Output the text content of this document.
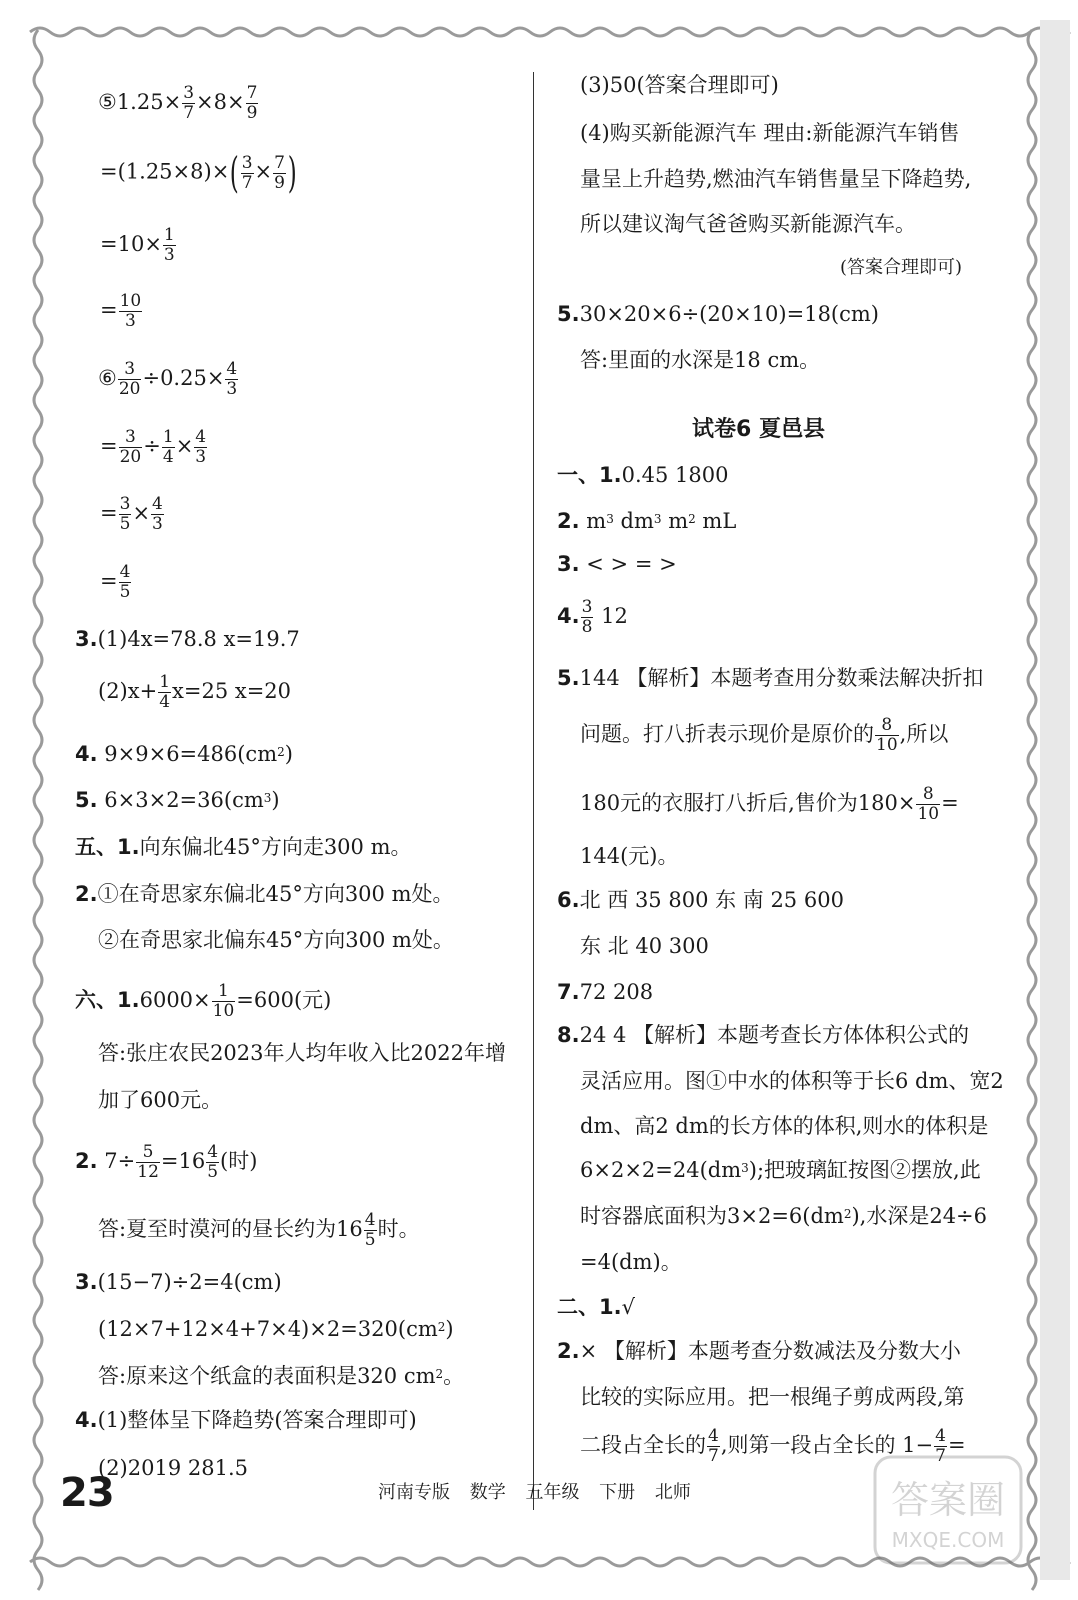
⑤1.25× $\frac{3}{7} \times 8\times \frac{7}{9}$
$=(1.25\times 8)\times( \frac{3}{7} \times \frac{7}{9}$ )
$=10\times \frac{1}{3}$
= $\frac{10}{3}$
⑥ $\frac{3}{20} \div 0.25\times \frac{4}{3}$
= $\frac{3}{20} \div \frac{1}{4} \times \frac{4}{3}$
= $\frac{3}{5} \times \frac{4}{3}$
= $\frac{4}{5}$
3.(1)4x=78.8 x=19.7
$(2)x+ \frac{1}{4} x=25$ x=20
4. $9\times 9\times 6=486(cm^2)$
5. $6\times 3\times 2=36(cm^3)$
五、1.向东偏北45°方向走300 m。
2.①在奇思家东偏北45°方向300 m处。
②在奇思家北偏东45°方向300 m处。
六、$1.6000\times \frac{1}{10} =600$(元)
答:张庄农民2023年人均年收入比2022年增
加了600元。
2. $7\div \frac{5}{12} =16 \frac{4}{5}$ (时)
答:夏至时漠河的昼长约为$16 \frac{4}{5}$ 时。
3.(15−7)÷2=4(cm)
$(12\times 7+12\times 4+7\times 4)\times 2=320(cm^2)$
答:原来这个纸盒的表面积是320 $cm^2$。
4.(1)整体呈下降趋势(答案合理即可)
(2)2019 281.5
(3)50(答案合理即可)
(4)购买新能源汽车 理由:新能源汽车销售
量呈上升趋势,燃油汽车销售量呈下降趋势,
所以建议淘气爸爸购买新能源汽车。
(答案合理即可)
5.30×20×6÷(20×10)=18(cm)
答:里面的水深是18 cm。
试卷6 夏邑县
一、1.0.45 1800
2. $m^3$ $dm^3$ $m^2$ mL
3. < > = >
4. $\frac{3}{8} 12$
5.144 【解析】本题考查用分数乘法解决折扣
问题。打八折表示现价是原价的 $\frac{8}{10}$ ,所以
180元的衣服打八折后,售价为$180\times \frac{8}{10}$ =
144(元)。
6.北 西 35 800 东 南 25 600
东 北 40 300
7.72 208
8.24 4 【解析】本题考查长方体体积公式的
灵活应用。图①中水的体积等于长6 dm、宽2
dm、高2 dm的长方体的体积,则水的体积是
$6\times 2\times 2=24(dm^3)$;把玻璃缸按图②摆放,此
时容器底面积为$3\times 2=6(dm^2)$,水深是24÷6
=4(dm)。
二、1.√
2.× 【解析】本题考查分数减法及分数大小
比较的实际应用。把一根绳子剪成两段,第
二段占全长的 $\frac{4}{7}$ ,则第一段占全长的 $1- \frac{4}{7}$ =
23	河南专版 数学 五年级 下册 北师	答案圈
MXQE.COM
